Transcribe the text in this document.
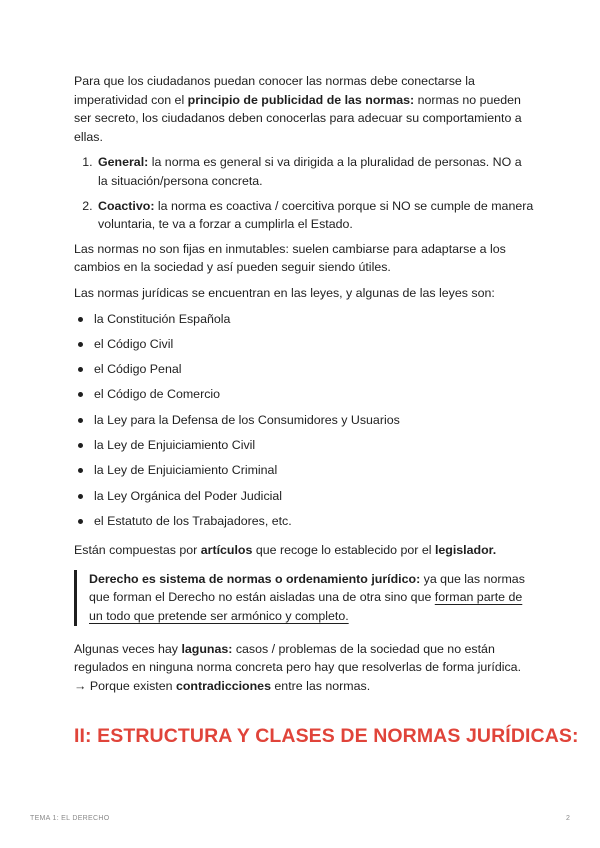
Para que los ciudadanos puedan conocer las normas debe conectarse la imperatividad con el principio de publicidad de las normas: normas no pueden ser secreto, los ciudadanos deben conocerlas para adecuar su comportamiento a ellas.

1. General: la norma es general si va dirigida a la pluralidad de personas. NO a la situación/persona concreta.
2. Coactivo: la norma es coactiva / coercitiva porque si NO se cumple de manera voluntaria, te va a forzar a cumplirla el Estado.

Las normas no son fijas en inmutables: suelen cambiarse para adaptarse a los cambios en la sociedad y así pueden seguir siendo útiles.

Las normas jurídicas se encuentran en las leyes, y algunas de las leyes son:

la Constitución Española
el Código Civil
el Código Penal
el Código de Comercio
la Ley para la Defensa de los Consumidores y Usuarios
la Ley de Enjuiciamiento Civil
la Ley de Enjuiciamiento Criminal
la Ley Orgánica del Poder Judicial
el Estatuto de los Trabajadores, etc.

Están compuestas por artículos que recoge lo establecido por el legislador.

Derecho es sistema de normas o ordenamiento jurídico: ya que las normas que forman el Derecho no están aisladas una de otra sino que forman parte de un todo que pretende ser armónico y completo.

Algunas veces hay lagunas: casos / problemas de la sociedad que no están regulados en ninguna norma concreta pero hay que resolverlas de forma jurídica. → Porque existen contradicciones entre las normas.

II: ESTRUCTURA Y CLASES DE NORMAS JURÍDICAS:
TEMA 1: EL DERECHO	2
